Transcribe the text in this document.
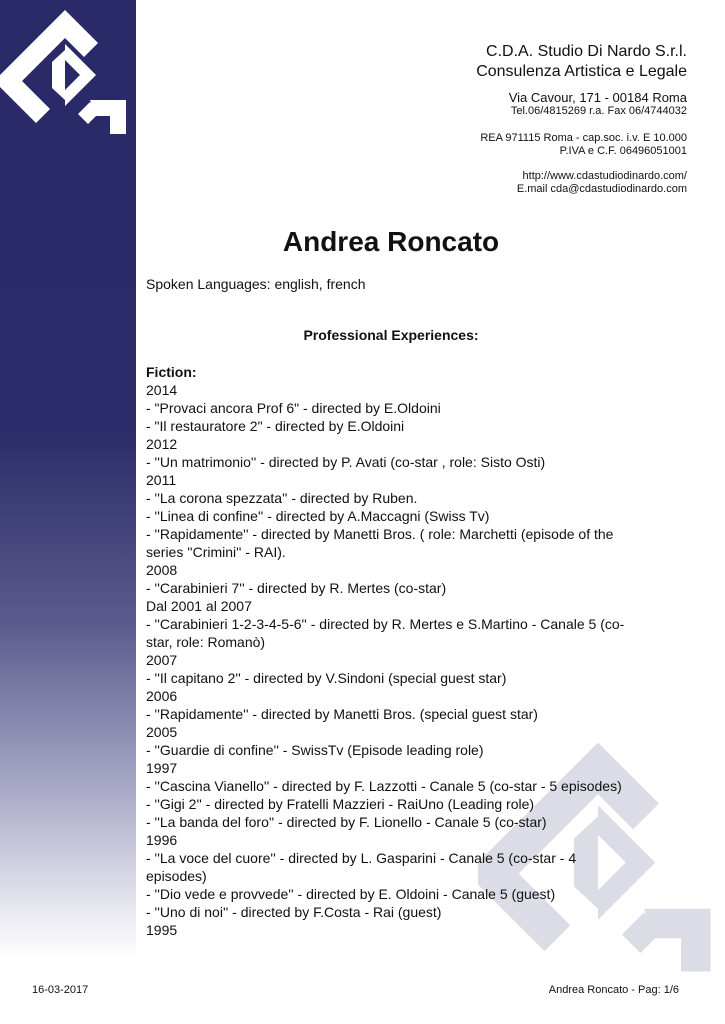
C.D.A. Studio Di Nardo S.r.l.
Consulenza Artistica e Legale
Via Cavour, 171 - 00184 Roma
Tel.06/4815269 r.a. Fax 06/4744032
REA 971115 Roma - cap.soc. i.v. E 10.000
P.IVA e C.F. 06496051001
http://www.cdastudiodinardo.com/
E.mail cda@cdastudiodinardo.com
Andrea Roncato
Spoken Languages: english, french
Professional Experiences:
Fiction:
2014
- "Provaci ancora Prof 6" - directed by E.Oldoini
- "Il restauratore 2" - directed by E.Oldoini
2012
- ''Un matrimonio'' - directed by P. Avati (co-star , role: Sisto Osti)
2011
- ''La corona spezzata'' - directed by Ruben.
- ''Linea di confine'' - directed by A.Maccagni (Swiss Tv)
- ''Rapidamente'' - directed by Manetti Bros. ( role: Marchetti (episode of the series ''Crimini'' - RAI).
2008
- ''Carabinieri 7'' - directed by R. Mertes (co-star)
Dal 2001 al 2007
- ''Carabinieri 1-2-3-4-5-6'' - directed by R. Mertes e S.Martino - Canale 5 (co-star, role: Romanò)
2007
- ''Il capitano 2'' - directed by V.Sindoni (special guest star)
2006
- ''Rapidamente'' - directed by Manetti Bros. (special guest star)
2005
- ''Guardie di confine'' - SwissTv (Episode leading role)
1997
- ''Cascina Vianello'' - directed by F. Lazzotti - Canale 5 (co-star - 5 episodes)
- ''Gigi 2'' - directed by Fratelli Mazzieri - RaiUno (Leading role)
- ''La banda del foro'' - directed by F. Lionello - Canale 5 (co-star)
1996
- ''La voce del cuore'' - directed by L. Gasparini - Canale 5 (co-star - 4 episodes)
- ''Dio vede e provvede'' - directed by E. Oldoini - Canale 5 (guest)
- ''Uno di noi'' - directed by F.Costa - Rai (guest)
1995
16-03-2017	Andrea Roncato - Pag: 1/6
